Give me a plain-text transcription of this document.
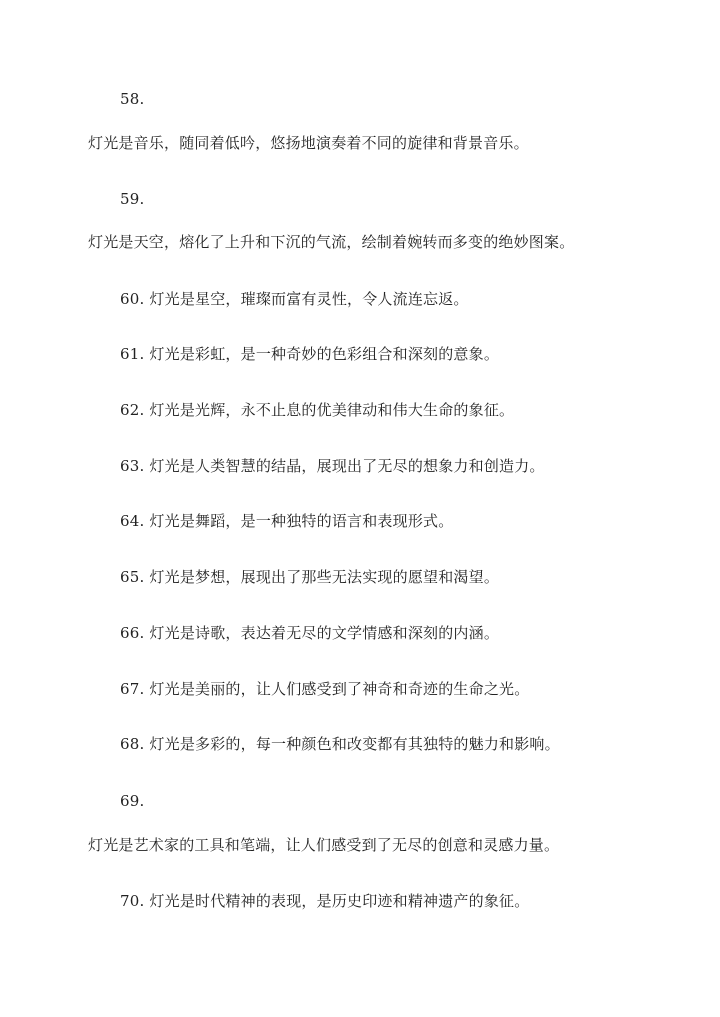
58.
灯光是音乐，随同着低吟，悠扬地演奏着不同的旋律和背景音乐。
59.
灯光是天空，熔化了上升和下沉的气流，绘制着婉转而多变的绝妙图案。
60. 灯光是星空，璀璨而富有灵性，令人流连忘返。
61. 灯光是彩虹，是一种奇妙的色彩组合和深刻的意象。
62. 灯光是光辉，永不止息的优美律动和伟大生命的象征。
63. 灯光是人类智慧的结晶，展现出了无尽的想象力和创造力。
64. 灯光是舞蹈，是一种独特的语言和表现形式。
65. 灯光是梦想，展现出了那些无法实现的愿望和渴望。
66. 灯光是诗歌，表达着无尽的文学情感和深刻的内涵。
67. 灯光是美丽的，让人们感受到了神奇和奇迹的生命之光。
68. 灯光是多彩的，每一种颜色和改变都有其独特的魅力和影响。
69.
灯光是艺术家的工具和笔端，让人们感受到了无尽的创意和灵感力量。
70. 灯光是时代精神的表现，是历史印迹和精神遗产的象征。
